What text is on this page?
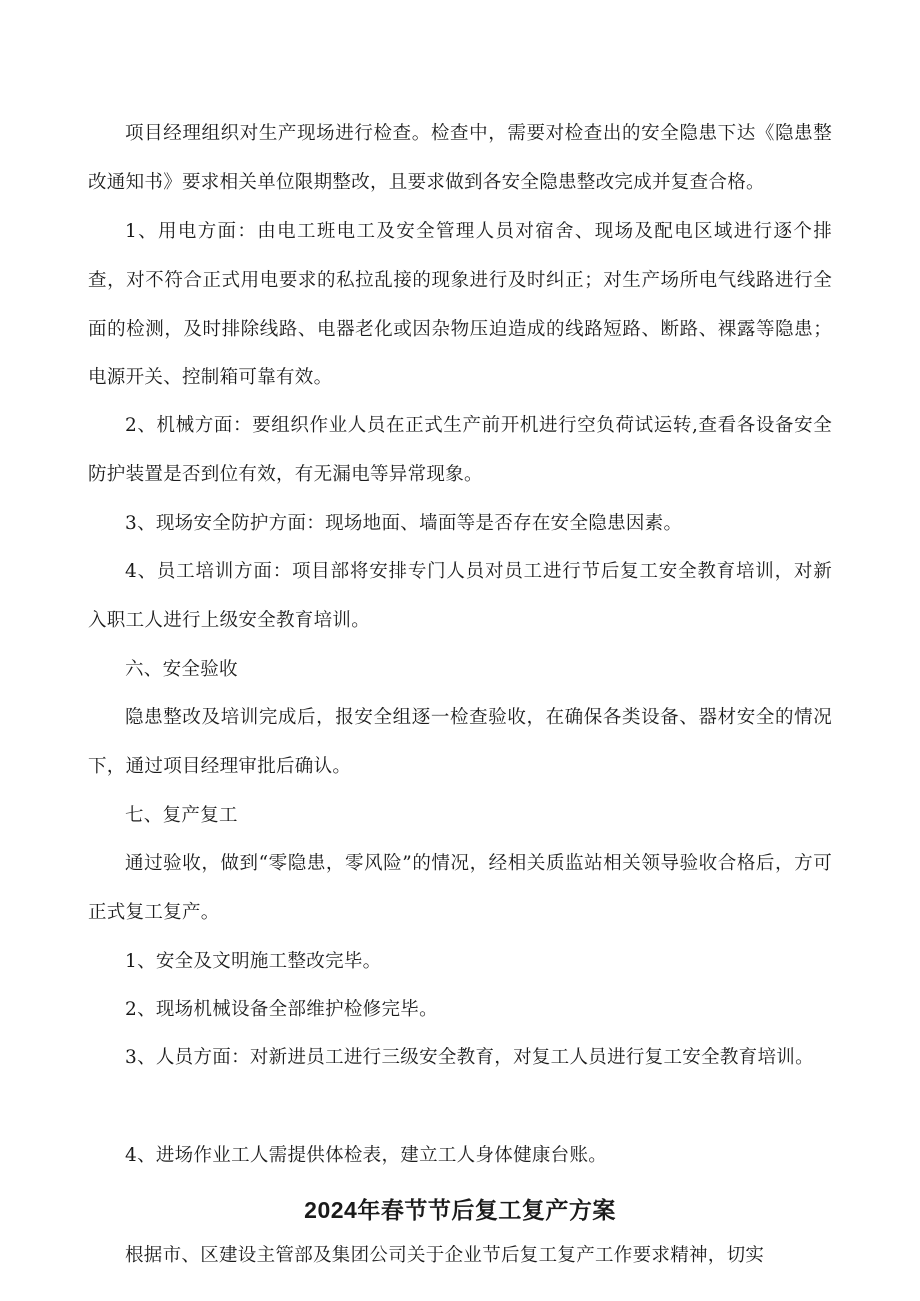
项目经理组织对生产现场进行检查。检查中，需要对检查出的安全隐患下达《隐患整改通知书》要求相关单位限期整改，且要求做到各安全隐患整改完成并复查合格。

1、用电方面：由电工班电工及安全管理人员对宿舍、现场及配电区域进行逐个排查，对不符合正式用电要求的私拉乱接的现象进行及时纠正；对生产场所电气线路进行全面的检测，及时排除线路、电器老化或因杂物压迫造成的线路短路、断路、裸露等隐患；电源开关、控制箱可靠有效。

2、机械方面：要组织作业人员在正式生产前开机进行空负荷试运转,查看各设备安全防护装置是否到位有效，有无漏电等异常现象。

3、现场安全防护方面：现场地面、墙面等是否存在安全隐患因素。

4、员工培训方面：项目部将安排专门人员对员工进行节后复工安全教育培训，对新入职工人进行上级安全教育培训。

六、安全验收

隐患整改及培训完成后，报安全组逐一检查验收，在确保各类设备、器材安全的情况下，通过项目经理审批后确认。

七、复产复工

通过验收，做到“零隐患，零风险”的情况，经相关质监站相关领导验收合格后，方可正式复工复产。

1、安全及文明施工整改完毕。

2、现场机械设备全部维护检修完毕。

3、人员方面：对新进员工进行三级安全教育，对复工人员进行复工安全教育培训。

4、进场作业工人需提供体检表，建立工人身体健康台账。

2024年春节节后复工复产方案

根据市、区建设主管部及集团公司关于企业节后复工复产工作要求精神，切实
